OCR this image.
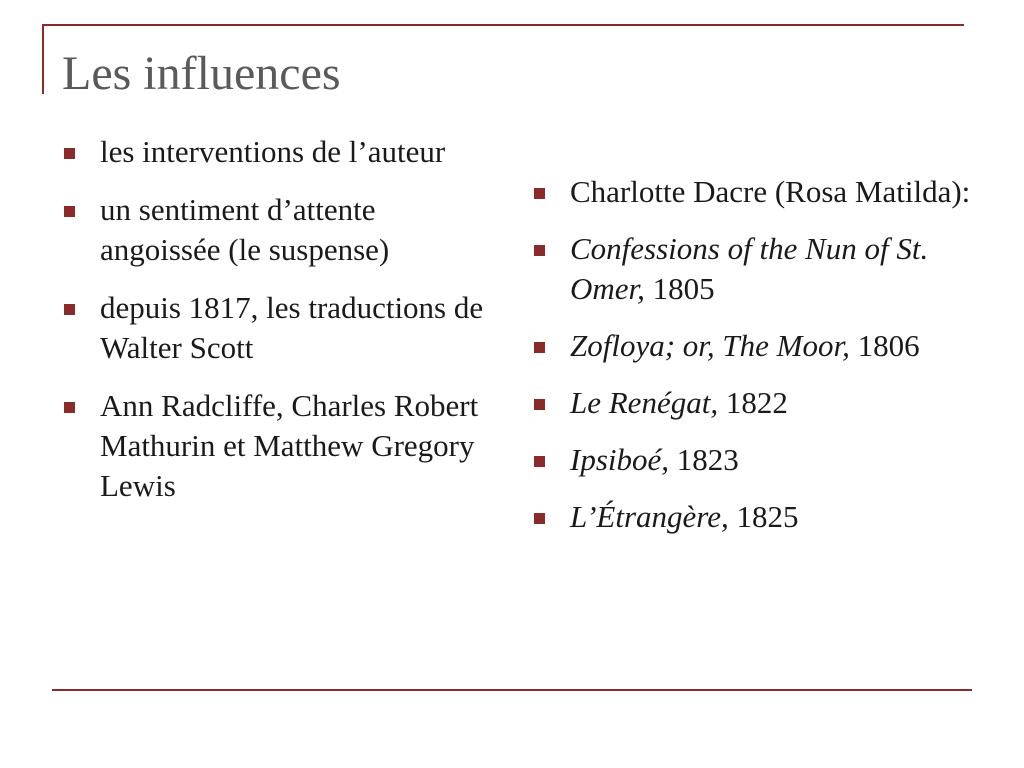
Les influences
les interventions de l’auteur
un sentiment d’attente angoissée (le suspense)
depuis 1817, les traductions de Walter Scott
Ann Radcliffe, Charles Robert Mathurin et Matthew Gregory Lewis
Charlotte Dacre (Rosa Matilda):
Confessions of the Nun of St. Omer, 1805
Zofloya; or, The Moor, 1806
Le Renégat, 1822
Ipsiboé, 1823
L’Étrangère, 1825
